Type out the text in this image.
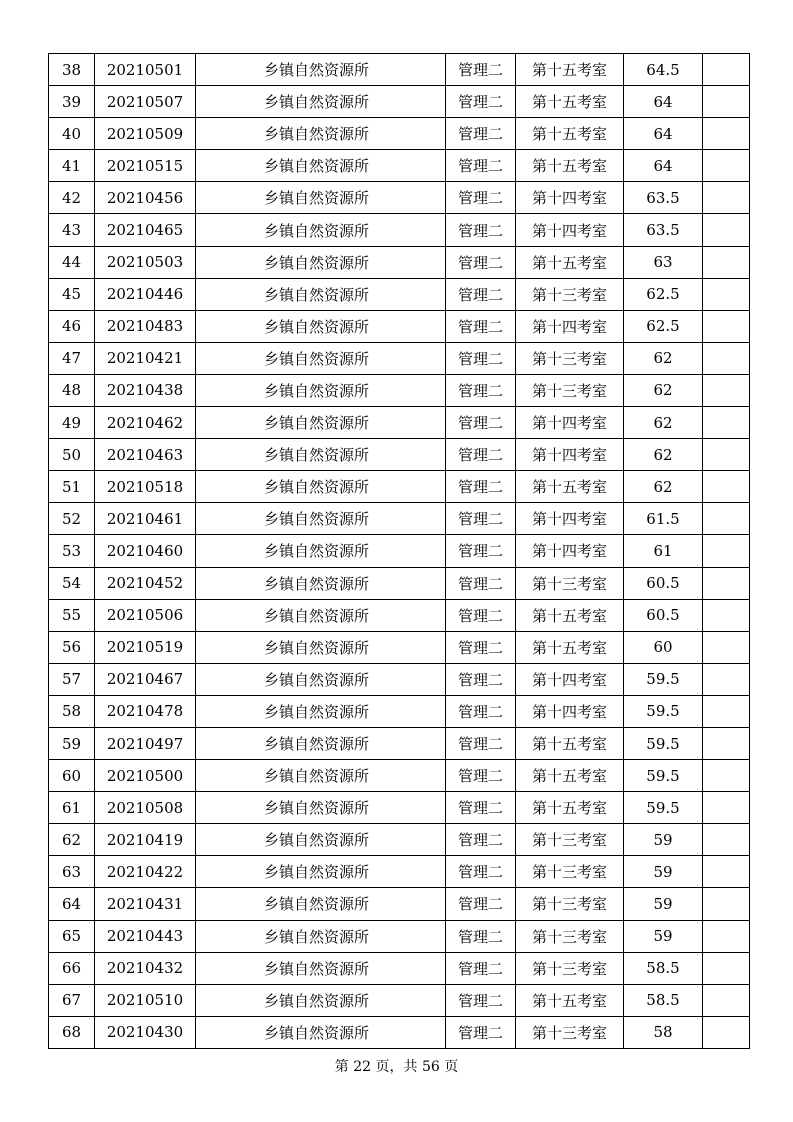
38	20210501	乡镇自然资源所	管理二	第十五考室	64.5	
39	20210507	乡镇自然资源所	管理二	第十五考室	64	
40	20210509	乡镇自然资源所	管理二	第十五考室	64	
41	20210515	乡镇自然资源所	管理二	第十五考室	64	
42	20210456	乡镇自然资源所	管理二	第十四考室	63.5	
43	20210465	乡镇自然资源所	管理二	第十四考室	63.5	
44	20210503	乡镇自然资源所	管理二	第十五考室	63	
45	20210446	乡镇自然资源所	管理二	第十三考室	62.5	
46	20210483	乡镇自然资源所	管理二	第十四考室	62.5	
47	20210421	乡镇自然资源所	管理二	第十三考室	62	
48	20210438	乡镇自然资源所	管理二	第十三考室	62	
49	20210462	乡镇自然资源所	管理二	第十四考室	62	
50	20210463	乡镇自然资源所	管理二	第十四考室	62	
51	20210518	乡镇自然资源所	管理二	第十五考室	62	
52	20210461	乡镇自然资源所	管理二	第十四考室	61.5	
53	20210460	乡镇自然资源所	管理二	第十四考室	61	
54	20210452	乡镇自然资源所	管理二	第十三考室	60.5	
55	20210506	乡镇自然资源所	管理二	第十五考室	60.5	
56	20210519	乡镇自然资源所	管理二	第十五考室	60	
57	20210467	乡镇自然资源所	管理二	第十四考室	59.5	
58	20210478	乡镇自然资源所	管理二	第十四考室	59.5	
59	20210497	乡镇自然资源所	管理二	第十五考室	59.5	
60	20210500	乡镇自然资源所	管理二	第十五考室	59.5	
61	20210508	乡镇自然资源所	管理二	第十五考室	59.5	
62	20210419	乡镇自然资源所	管理二	第十三考室	59	
63	20210422	乡镇自然资源所	管理二	第十三考室	59	
64	20210431	乡镇自然资源所	管理二	第十三考室	59	
65	20210443	乡镇自然资源所	管理二	第十三考室	59	
66	20210432	乡镇自然资源所	管理二	第十三考室	58.5	
67	20210510	乡镇自然资源所	管理二	第十五考室	58.5	
68	20210430	乡镇自然资源所	管理二	第十三考室	58	
第 22 页，共 56 页
